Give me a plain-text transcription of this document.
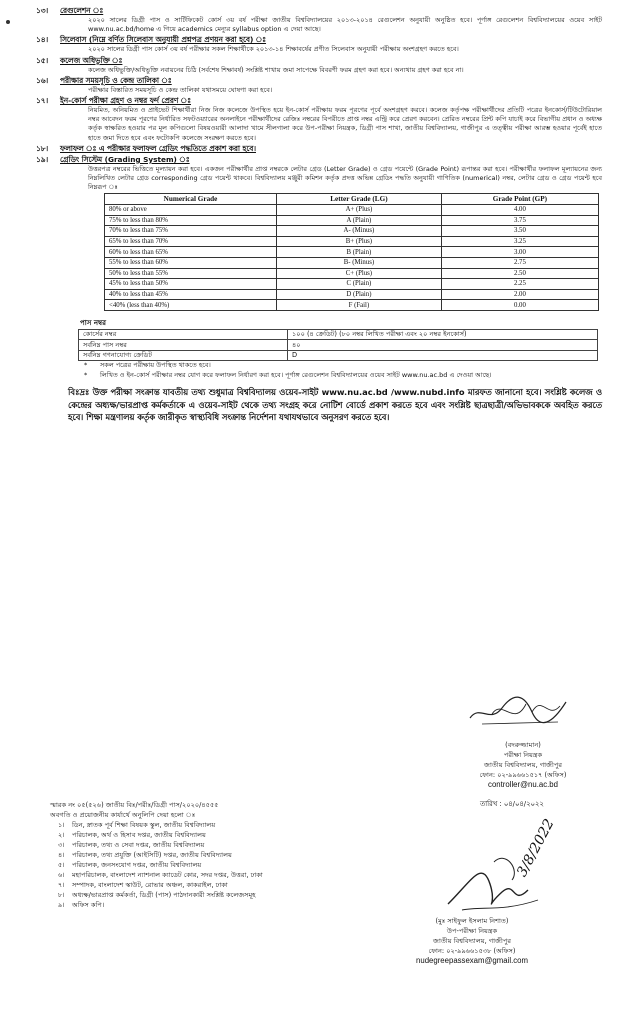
১৩। রেগুলেশন ঃ

২০২০ সালের ডিগ্রী পাস ও সার্টিফিকেট কোর্স ৩য় বর্ষ পরীক্ষা জাতীয় বিশ্ববিদ্যালয়ের ২০১৩-২০১৪ রেগুলেশন অনুযায়ী অনুষ্ঠিত হবে। পূর্ণাঙ্গ রেগুলেশন বিশ্ববিদ্যালয়ের ওয়েব সাইট www.nu.ac.bd/home এ গিয়ে academics মেন্যুর syllabus option এ দেয়া আছে।

১৪। সিলেবাস (নিম্নে বর্ণিত সিলেবাস অনুযায়ী প্রশ্নপত্র প্রণয়ন করা হবে) ঃ

২০২০ সালের ডিগ্রী পাস কোর্স ৩য় বর্ষ পরীক্ষার সকল শিক্ষার্থীকে ২০১৩-১৪ শিক্ষাবর্ষের প্রণীত সিলেবাস অনুযায়ী পরীক্ষায় অংশগ্রহণ করতে হবে।

১৫। কলেজ অধিভুক্তি ঃ

কলেজ অধিভুক্তি/অধিভুক্তি নবায়নের চিঠি (সর্বশেষ শিক্ষাবর্ষ) সংশ্লিষ্ট শাখায় জমা সাপেক্ষে বিবরণী ফরম গ্রহণ করা হবে। অন্যথায় গ্রহণ করা হবে না।

১৬। পরীক্ষার সময়সূচি ও কেন্দ্র তালিকা ঃ

পরীক্ষার বিস্তারিত সময়সূচি ও কেন্দ্র তালিকা যথাসময়ে ঘোষণা করা হবে।

১৭। ইন-কোর্স পরীক্ষা গ্রহণ ও নম্বর ফর্দ প্রেরণ ঃ

নিয়মিত, অনিয়মিত ও প্রাইভেট শিক্ষার্থীরা নিজ নিজ কলেজে উপস্থিত হয়ে ইন-কোর্স পরীক্ষায় ফরম পূরণের পূর্বে অংশগ্রহণ করবে। কলেজ কর্তৃপক্ষ পরীক্ষার্থীদের প্রতিটি পত্রের ইনকোর্স/টিউটোরিয়াল নম্বর আবেদন ফরম পূরণের নির্ধারিত সফটওয়্যারের অনলাইনে পরীক্ষার্থীদের রেজিঃ নম্বরের বিপরীতে প্রাপ্ত নম্বর এন্ট্রি করে প্রেরণ করবেন। প্রেরিত নম্বরের প্রিন্ট কপি যাচাই করে বিভাগীয় প্রধান ও অধ্যক্ষ কর্তৃক স্বাক্ষরিত হওয়ার পর মূল কপিগুলো বিষয়ওয়ারী আলাদা খামে সীলগালা করে উপ-পরীক্ষা নিয়ন্ত্রক, ডিগ্রী পাস শাখা, জাতীয় বিশ্ববিদ্যালয়, গাজীপুর এ তত্ত্বীয় পরীক্ষা আরম্ভ হওয়ার পূর্বেই হাতে হাতে জমা দিতে হবে এবং ফটোকপি কলেজে সংরক্ষণ করতে হবে।

১৮। ফলাফল ঃ এ পরীক্ষার ফলাফল গ্রেডিং পদ্ধতিতে প্রকাশ করা হবে।
১৯। গ্রেডিং সিস্টেম (Grading System) ঃ

উত্তরপত্র নম্বরের ভিত্তিতে মূল্যায়ন করা হবে। একজন পরীক্ষার্থীর প্রাপ্ত নম্বরকে লেটার গ্রেড (Letter Grade) ও গ্রেড পয়েন্টে (Grade Point) রূপান্তর করা হবে। পরীক্ষার্থীর ফলাফল মূল্যায়নের জন্য নিম্নলিখিত লেটার গ্রেড corresponding গ্রেড পয়েন্ট থাকবে। বিশ্ববিদ্যালয় মঞ্জুরী কমিশন কর্তৃক প্রদত্ত অভিন্ন গ্রেডিং পদ্ধতি অনুযায়ী গাণিতিক (numerical) নম্বর, লেটার গ্রেড ও গ্রেড পয়েন্ট হবে নিম্নরূপ ঃ

Numerical Grade	Letter Grade (LG)	Grade Point (GP)
80% or above	A+ (Plus)	4.00
75% to less than 80%	A (Plain)	3.75
70% to less than 75%	A- (Minus)	3.50
65% to less than 70%	B+ (Plus)	3.25
60% to less than 65%	B (Plain)	3.00
55% to less than 60%	B- (Minus)	2.75
50% to less than 55%	C+ (Plus)	2.50
45% to less than 50%	C (Plain)	2.25
40% to less than 45%	D (Plain)	2.00
<40% (less than 40%)	F (Fail)	0.00
পাস নম্বর
কোর্সের নম্বর	১০০ (৪ ক্রেডিট) (৮০ নম্বর লিখিত পরীক্ষা এবং ২০ নম্বর ইনকোর্স)
সর্বনিম্ন পাস নম্বর	৪০
সর্বনিম্ন গণনাযোগ্য ক্রেডিট	D
*	সকল পত্রের পরীক্ষায় উপস্থিত থাকতে হবে।
*	লিখিত ও ইন-কোর্স পরীক্ষার নম্বর যোগ করে ফলাফল নির্ধারণ করা হবে। পূর্ণাঙ্গ রেগুলেশন বিশ্ববিদ্যালয়ের ওয়েব সাইট www.nu.ac.bd এ দেওয়া আছে।
বিঃদ্রঃ উক্ত পরীক্ষা সংক্রান্ত যাবতীয় তথ্য শুধুমাত্র বিশ্ববিদ্যালয় ওয়েব-সাইট www.nu.ac.bd /www.nubd.info মারফত জানানো হবে। সংশ্লিষ্ট কলেজ ও কেন্দ্রের অধ্যক্ষ/ভারপ্রাপ্ত কর্মকর্তাকে এ ওয়েব-সাইট থেকে তথ্য সংগ্রহ করে নোটিশ বোর্ডে প্রকাশ করতে হবে এবং সংশ্লিষ্ট ছাত্রছাত্রী/অভিভাবককে অবহিত করতে হবে। শিক্ষা মন্ত্রণালয় কর্তৃক জারীকৃত স্বাস্থ্যবিধি সংক্রান্ত নির্দেশনা যথাযথভাবে অনুসরণ করতে হবে।
(বদরুজ্জামান)
পরীক্ষা নিয়ন্ত্রক
জাতীয় বিশ্ববিদ্যালয়, গাজীপুর
ফোন: ০২-৯৯৬৬১৫১৭ (অফিস)
controller@nu.ac.bd
তারিখ : ০৪/০৪/২০২২
স্মারক নং ০৫(৫২৬) জাতীয় বিঃ/পরীঃ/ডিগ্রী পাস/২০২০/৪৫৫৫
অবগতি ও প্রয়োজনীয় কার্যার্থে অনুলিপি দেয়া হলো ঃ
১।	ডিন, স্নাতক পূর্ব শিক্ষা বিষয়ক স্কুল, জাতীয় বিশ্ববিদ্যালয়
২।	পরিচালক, অর্থ ও হিসাব দপ্তর, জাতীয় বিশ্ববিদ্যালয়
৩।	পরিচালক, তথ্য ও সেবা দপ্তর, জাতীয় বিশ্ববিদ্যালয়
৪।	পরিচালক, তথ্য প্রযুক্তি (আইসিটি) দপ্তর, জাতীয় বিশ্ববিদ্যালয়
৫।	পরিচালক, জনসংযোগ দপ্তর, জাতীয় বিশ্ববিদ্যালয়
৬।	মহাপরিচালক, বাংলাদেশ ন্যাশনাল ক্যাডেট কোর, সদর দপ্তর, উত্তরা, ঢাকা
৭।	সম্পাদক, বাংলাদেশ স্কাউট, রোভার অঞ্চল, কাকরাইল, ঢাকা
৮।	অধ্যক্ষ/ভারপ্রাপ্ত কর্মকর্তা, ডিগ্রী (পাস) পাঠদানকারী সংশ্লিষ্ট কলেজসমূহ
৯।	অফিস কপি।
3/8/2022
(মুঃ সাইফুল ইসলাম নিশাত)
উপ-পরীক্ষা নিয়ন্ত্রক
জাতীয় বিশ্ববিদ্যালয়, গাজীপুর
ফোন: ০২-৯৯৬৬১৫৩৮ (অফিস)
nudegreepassexam@gmail.com
